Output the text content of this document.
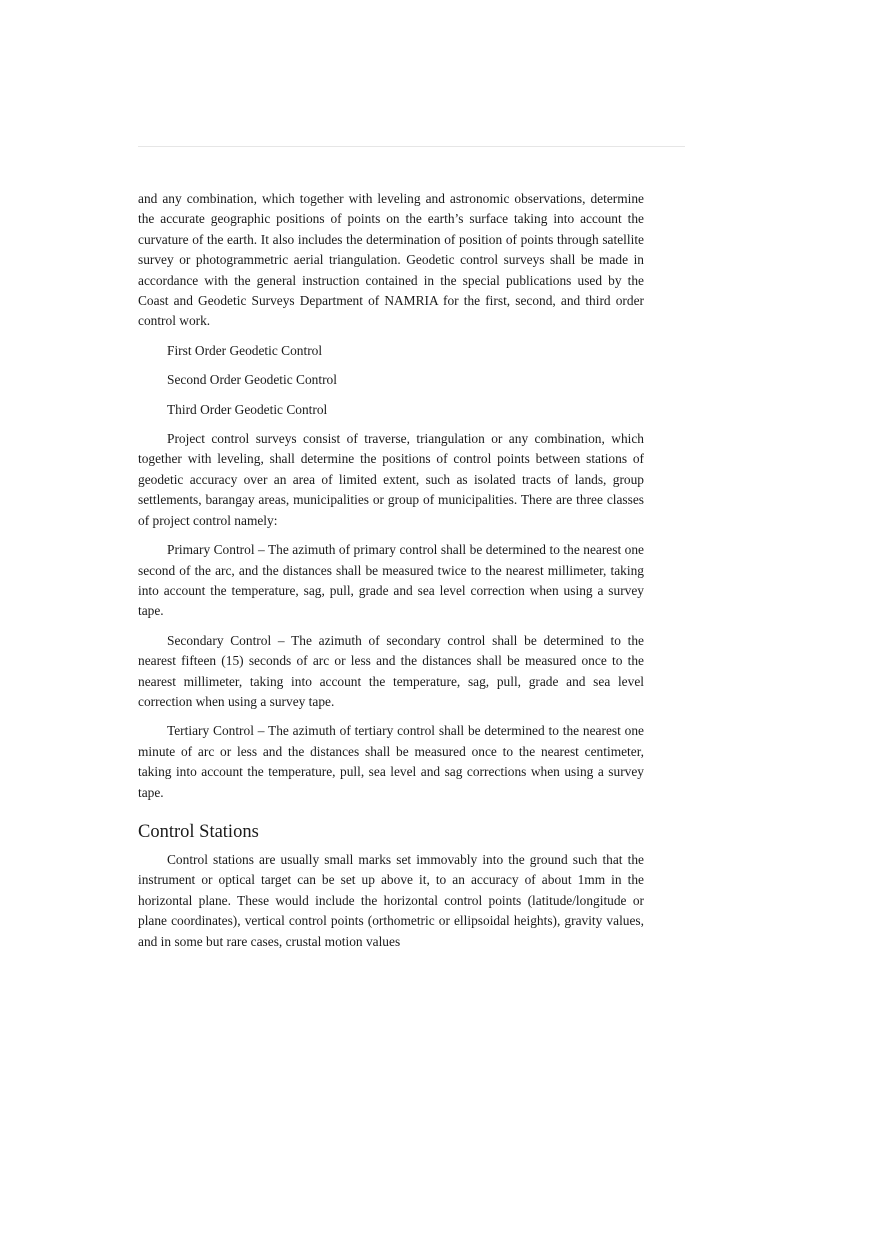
and any combination, which together with leveling and astronomic observations, determine the accurate geographic positions of points on the earth’s surface taking into account the curvature of the earth. It also includes the determination of position of points through satellite survey or photogrammetric aerial triangulation. Geodetic control surveys shall be made in accordance with the general instruction contained in the special publications used by the Coast and Geodetic Surveys Department of NAMRIA for the first, second, and third order control work.

First Order Geodetic Control

Second Order Geodetic Control

Third Order Geodetic Control

Project control surveys consist of traverse, triangulation or any combination, which together with leveling, shall determine the positions of control points between stations of geodetic accuracy over an area of limited extent, such as isolated tracts of lands, group settlements, barangay areas, municipalities or group of municipalities. There are three classes of project control namely:

Primary Control – The azimuth of primary control shall be determined to the nearest one second of the arc, and the distances shall be measured twice to the nearest millimeter, taking into account the temperature, sag, pull, grade and sea level correction when using a survey tape.

Secondary Control – The azimuth of secondary control shall be determined to the nearest fifteen (15) seconds of arc or less and the distances shall be measured once to the nearest millimeter, taking into account the temperature, sag, pull, grade and sea level correction when using a survey tape.

Tertiary Control – The azimuth of tertiary control shall be determined to the nearest one minute of arc or less and the distances shall be measured once to the nearest centimeter, taking into account the temperature, pull, sea level and sag corrections when using a survey tape.

Control Stations

Control stations are usually small marks set immovably into the ground such that the instrument or optical target can be set up above it, to an accuracy of about 1mm in the horizontal plane. These would include the horizontal control points (latitude/longitude or plane coordinates), vertical control points (orthometric or ellipsoidal heights), gravity values, and in some but rare cases, crustal motion values
